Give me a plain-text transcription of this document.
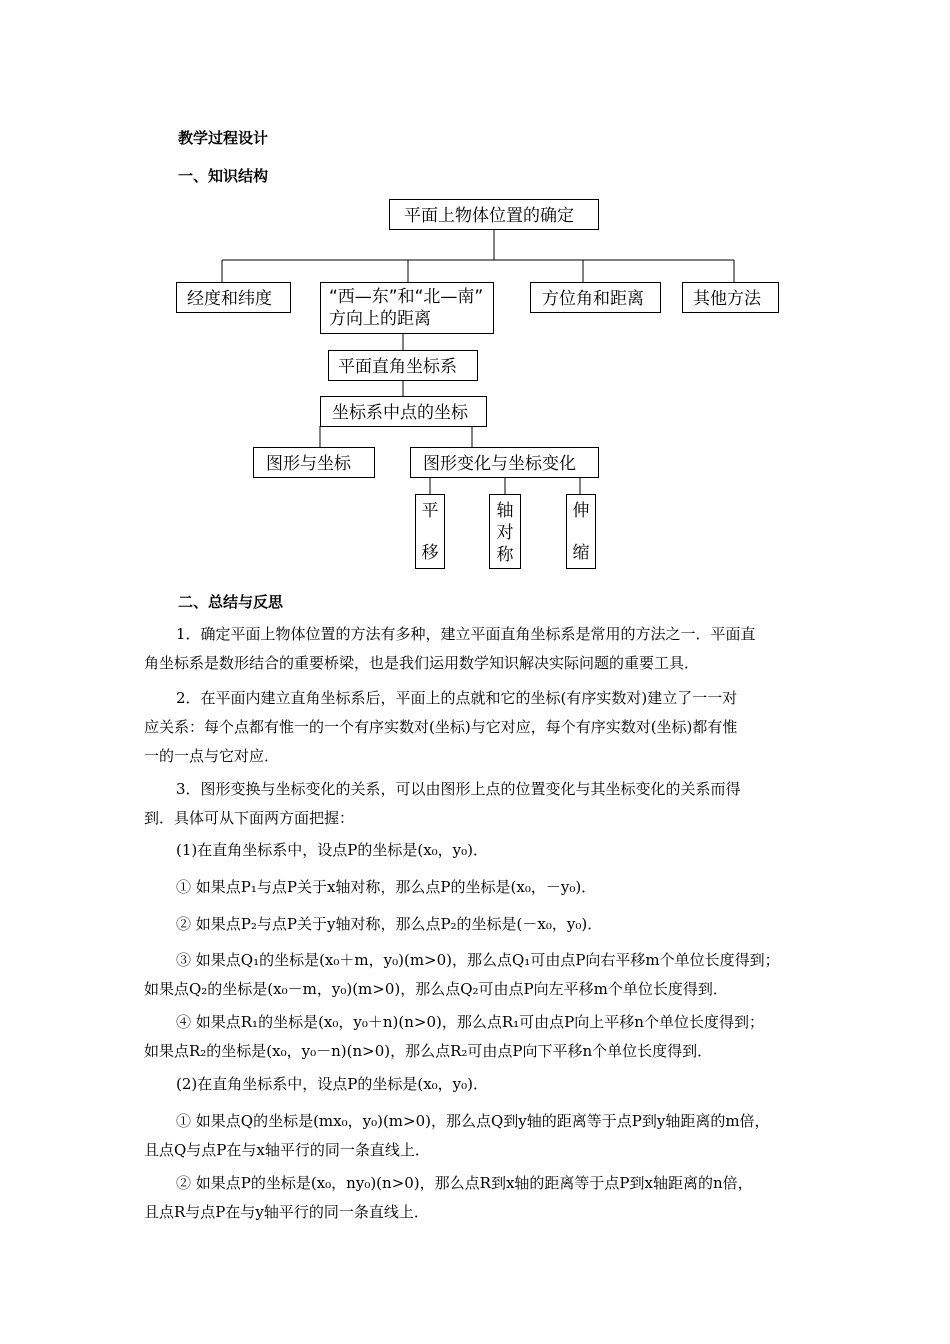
教学过程设计
一、知识结构
平面上物体位置的确定
经度和纬度	“西—东”和“北—南”
方向上的距离
方位角和距离	其他方法
平面直角坐标系
坐标系中点的坐标
图形与坐标	图形变化与坐标变化
平
移
轴
对
称
伸
缩
二、总结与反思
1．确定平面上物体位置的方法有多种，建立平面直角坐标系是常用的方法之一．平面直
角坐标系是数形结合的重要桥梁，也是我们运用数学知识解决实际问题的重要工具．
2．在平面内建立直角坐标系后，平面上的点就和它的坐标(有序实数对)建立了一一对
应关系：每个点都有惟一的一个有序实数对(坐标)与它对应，每个有序实数对(坐标)都有惟
一的一点与它对应．
3．图形变换与坐标变化的关系，可以由图形上点的位置变化与其坐标变化的关系而得
到．具体可从下面两方面把握：
(1)在直角坐标系中，设点P的坐标是(x₀，y₀)．
① 如果点P₁与点P关于x轴对称，那么点P的坐标是(x₀，－y₀)．
② 如果点P₂与点P关于y轴对称，那么点P₂的坐标是(－x₀，y₀)．
③ 如果点Q₁的坐标是(x₀＋m，y₀)(m>0)，那么点Q₁可由点P向右平移m个单位长度得到；
如果点Q₂的坐标是(x₀－m，y₀)(m>0)，那么点Q₂可由点P向左平移m个单位长度得到．
④ 如果点R₁的坐标是(x₀，y₀＋n)(n>0)，那么点R₁可由点P向上平移n个单位长度得到；
如果点R₂的坐标是(x₀，y₀－n)(n>0)，那么点R₂可由点P向下平移n个单位长度得到．
(2)在直角坐标系中，设点P的坐标是(x₀，y₀)．
① 如果点Q的坐标是(mx₀，y₀)(m>0)，那么点Q到y轴的距离等于点P到y轴距离的m倍，
且点Q与点P在与x轴平行的同一条直线上．
② 如果点P的坐标是(x₀，ny₀)(n>0)，那么点R到x轴的距离等于点P到x轴距离的n倍，
且点R与点P在与y轴平行的同一条直线上．
